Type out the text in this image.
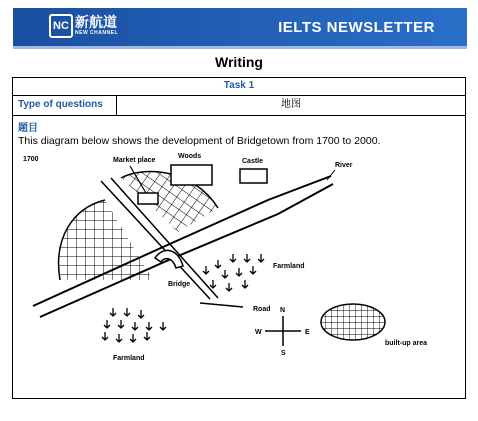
NC 新航道
NEW CHANNEL	IELTS NEWSLETTER
Writing
Task 1
Type of questions	地图
题目
This diagram below shows the development of Bridgetown from 1700 to 2000.
1700	Market place
Woods
Castle
River
Road
Bridge
Farmland
Farmland
N
S
E
W
built-up area
